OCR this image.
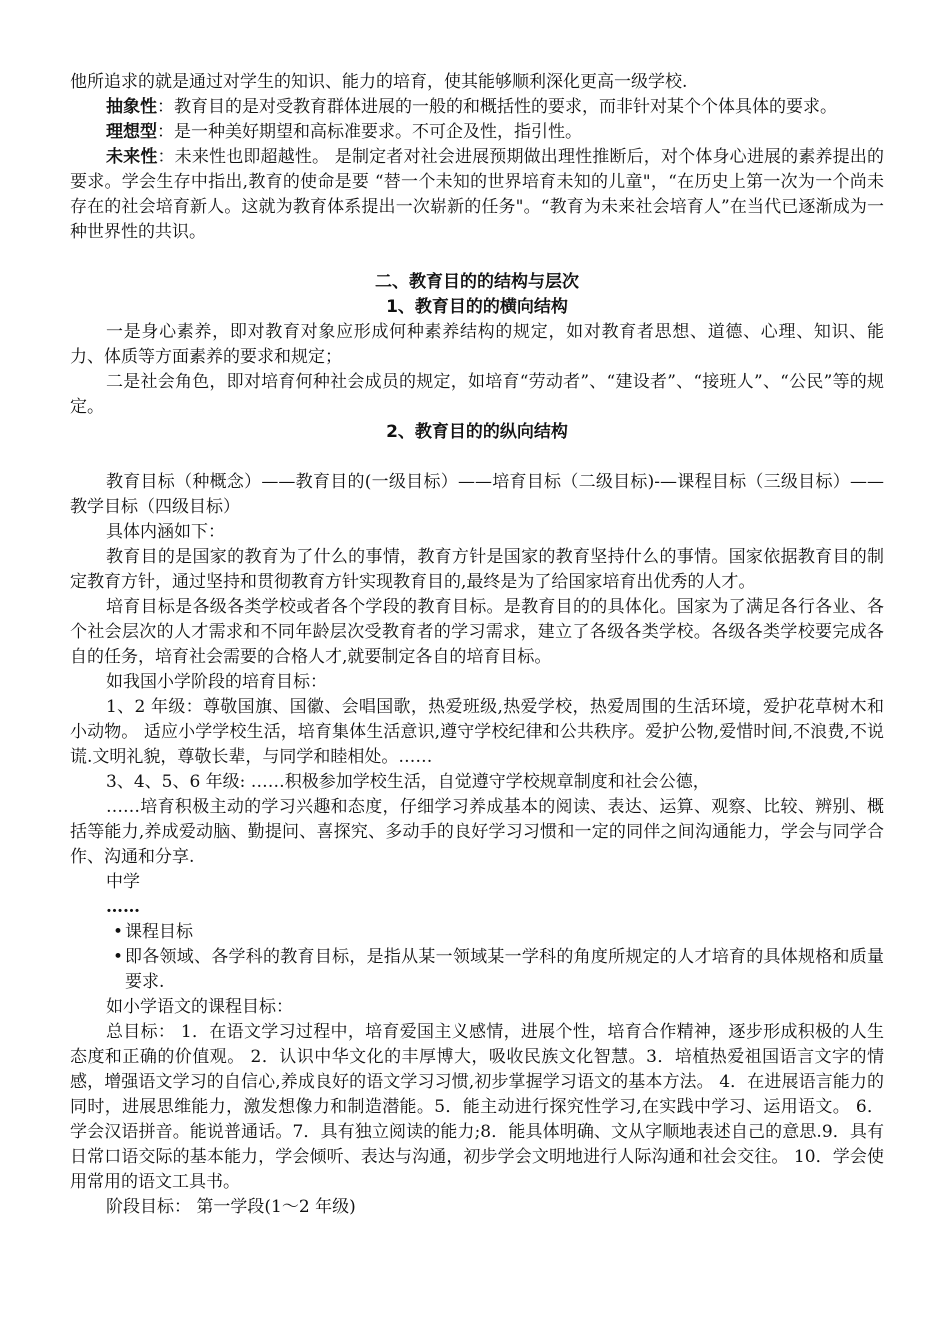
他所追求的就是通过对学生的知识、能力的培育，使其能够顺利深化更高一级学校.

抽象性：教育目的是对受教育群体进展的一般的和概括性的要求，而非针对某个个体具体的要求。

理想型：是一种美好期望和高标准要求。不可企及性，指引性。

未来性：未来性也即超越性。 是制定者对社会进展预期做出理性推断后，对个体身心进展的素养提出的要求。学会生存中指出,教育的使命是要 “替一个未知的世界培育未知的儿童"，“在历史上第一次为一个尚未存在的社会培育新人。这就为教育体系提出一次崭新的任务"。“教育为未来社会培育人”在当代已逐渐成为一种世界性的共识。

二、教育目的的结构与层次

1、教育目的的横向结构

一是身心素养，即对教育对象应形成何种素养结构的规定，如对教育者思想、道德、心理、知识、能力、体质等方面素养的要求和规定；

二是社会角色，即对培育何种社会成员的规定，如培育“劳动者”、“建设者”、“接班人”、“公民”等的规定。

2、教育目的的纵向结构

教育目标（种概念）——教育目的(一级目标）——培育目标（二级目标)-—课程目标（三级目标）——教学目标（四级目标）

具体内涵如下：

教育目的是国家的教育为了什么的事情，教育方针是国家的教育坚持什么的事情。国家依据教育目的制定教育方针，通过坚持和贯彻教育方针实现教育目的,最终是为了给国家培育出优秀的人才。

培育目标是各级各类学校或者各个学段的教育目标。是教育目的的具体化。国家为了满足各行各业、各个社会层次的人才需求和不同年龄层次受教育者的学习需求，建立了各级各类学校。各级各类学校要完成各自的任务，培育社会需要的合格人才,就要制定各自的培育目标。

如我国小学阶段的培育目标：

1、2 年级：尊敬国旗、国徽、会唱国歌，热爱班级,热爱学校，热爱周围的生活环境，爱护花草树木和小动物。 适应小学学校生活，培育集体生活意识,遵守学校纪律和公共秩序。爱护公物,爱惜时间,不浪费,不说谎.文明礼貌，尊敬长辈，与同学和睦相处。……

3、4、5、6 年级: ……积极参加学校生活，自觉遵守学校规章制度和社会公德，

……培育积极主动的学习兴趣和态度，仔细学习养成基本的阅读、表达、运算、观察、比较、辨别、概括等能力,养成爱动脑、勤提问、喜探究、多动手的良好学习习惯和一定的同伴之间沟通能力，学会与同学合作、沟通和分享.

中学

……

• 课程目标
• 即各领域、各学科的教育目标，是指从某一领域某一学科的角度所规定的人才培育的具体规格和质量要求.

如小学语文的课程目标：

总目标： 1．在语文学习过程中，培育爱国主义感情，进展个性，培育合作精神，逐步形成积极的人生态度和正确的价值观。 2．认识中华文化的丰厚博大，吸收民族文化智慧。3．培植热爱祖国语言文字的情感，增强语文学习的自信心,养成良好的语文学习习惯,初步掌握学习语文的基本方法。 4．在进展语言能力的同时，进展思维能力，激发想像力和制造潜能。5．能主动进行探究性学习,在实践中学习、运用语文。 6．学会汉语拼音。能说普通话。7．具有独立阅读的能力;8．能具体明确、文从字顺地表述自己的意思.9．具有日常口语交际的基本能力，学会倾听、表达与沟通，初步学会文明地进行人际沟通和社会交往。 10．学会使用常用的语文工具书。

阶段目标： 第一学段(1～2 年级)
